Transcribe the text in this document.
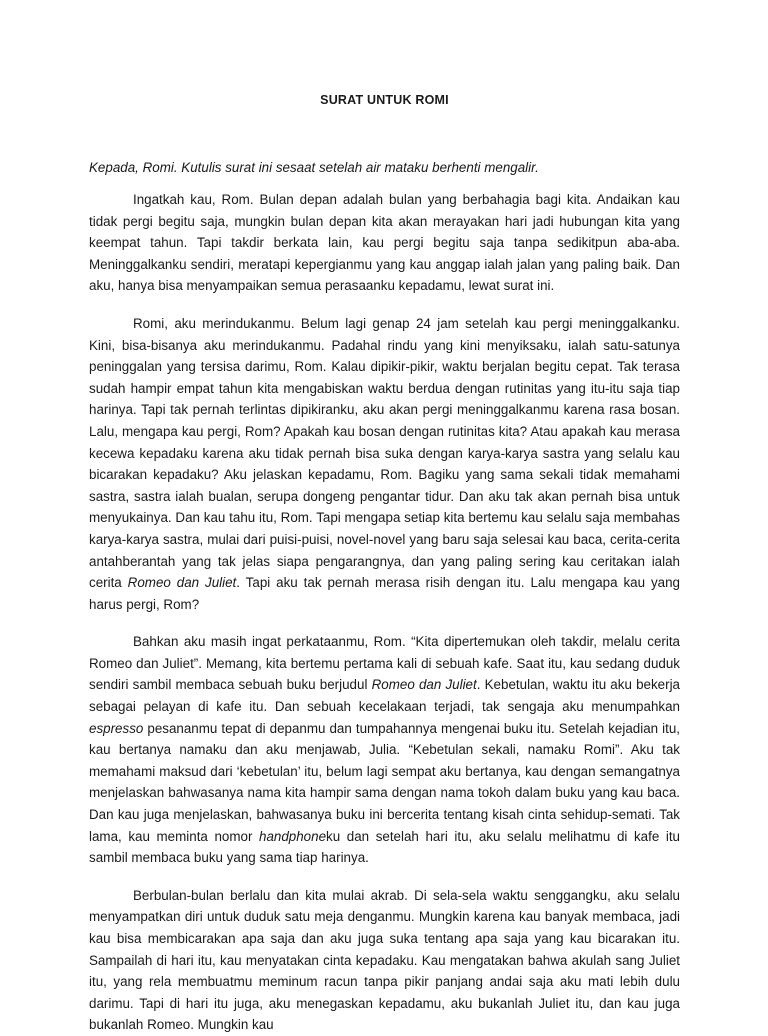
SURAT UNTUK ROMI

Kepada, Romi. Kutulis surat ini sesaat setelah air mataku berhenti mengalir.

Ingatkah kau, Rom. Bulan depan adalah bulan yang berbahagia bagi kita. Andaikan kau tidak pergi begitu saja, mungkin bulan depan kita akan merayakan hari jadi hubungan kita yang keempat tahun. Tapi takdir berkata lain, kau pergi begitu saja tanpa sedikitpun aba-aba. Meninggalkanku sendiri, meratapi kepergianmu yang kau anggap ialah jalan yang paling baik. Dan aku, hanya bisa menyampaikan semua perasaanku kepadamu, lewat surat ini.

Romi, aku merindukanmu. Belum lagi genap 24 jam setelah kau pergi meninggalkanku. Kini, bisa-bisanya aku merindukanmu. Padahal rindu yang kini menyiksaku, ialah satu-satunya peninggalan yang tersisa darimu, Rom. Kalau dipikir-pikir, waktu berjalan begitu cepat. Tak terasa sudah hampir empat tahun kita mengabiskan waktu berdua dengan rutinitas yang itu-itu saja tiap harinya. Tapi tak pernah terlintas dipikiranku, aku akan pergi meninggalkanmu karena rasa bosan. Lalu, mengapa kau pergi, Rom? Apakah kau bosan dengan rutinitas kita? Atau apakah kau merasa kecewa kepadaku karena aku tidak pernah bisa suka dengan karya-karya sastra yang selalu kau bicarakan kepadaku? Aku jelaskan kepadamu, Rom. Bagiku yang sama sekali tidak memahami sastra, sastra ialah bualan, serupa dongeng pengantar tidur. Dan aku tak akan pernah bisa untuk menyukainya. Dan kau tahu itu, Rom. Tapi mengapa setiap kita bertemu kau selalu saja membahas karya-karya sastra, mulai dari puisi-puisi, novel-novel yang baru saja selesai kau baca, cerita-cerita antahberantah yang tak jelas siapa pengarangnya, dan yang paling sering kau ceritakan ialah cerita Romeo dan Juliet. Tapi aku tak pernah merasa risih dengan itu. Lalu mengapa kau yang harus pergi, Rom?

Bahkan aku masih ingat perkataanmu, Rom. “Kita dipertemukan oleh takdir, melalu cerita Romeo dan Juliet”. Memang, kita bertemu pertama kali di sebuah kafe. Saat itu, kau sedang duduk sendiri sambil membaca sebuah buku berjudul Romeo dan Juliet. Kebetulan, waktu itu aku bekerja sebagai pelayan di kafe itu. Dan sebuah kecelakaan terjadi, tak sengaja aku menumpahkan espresso pesananmu tepat di depanmu dan tumpahannya mengenai buku itu. Setelah kejadian itu, kau bertanya namaku dan aku menjawab, Julia. “Kebetulan sekali, namaku Romi”. Aku tak memahami maksud dari ‘kebetulan’ itu, belum lagi sempat aku bertanya, kau dengan semangatnya menjelaskan bahwasanya nama kita hampir sama dengan nama tokoh dalam buku yang kau baca. Dan kau juga menjelaskan, bahwasanya buku ini bercerita tentang kisah cinta sehidup-semati. Tak lama, kau meminta nomor handphoneku dan setelah hari itu, aku selalu melihatmu di kafe itu sambil membaca buku yang sama tiap harinya.

Berbulan-bulan berlalu dan kita mulai akrab. Di sela-sela waktu senggangku, aku selalu menyampatkan diri untuk duduk satu meja denganmu. Mungkin karena kau banyak membaca, jadi kau bisa membicarakan apa saja dan aku juga suka tentang apa saja yang kau bicarakan itu. Sampailah di hari itu, kau menyatakan cinta kepadaku. Kau mengatakan bahwa akulah sang Juliet itu, yang rela membuatmu meminum racun tanpa pikir panjang andai saja aku mati lebih dulu darimu. Tapi di hari itu juga, aku menegaskan kepadamu, aku bukanlah Juliet itu, dan kau juga bukanlah Romeo. Mungkin kau
